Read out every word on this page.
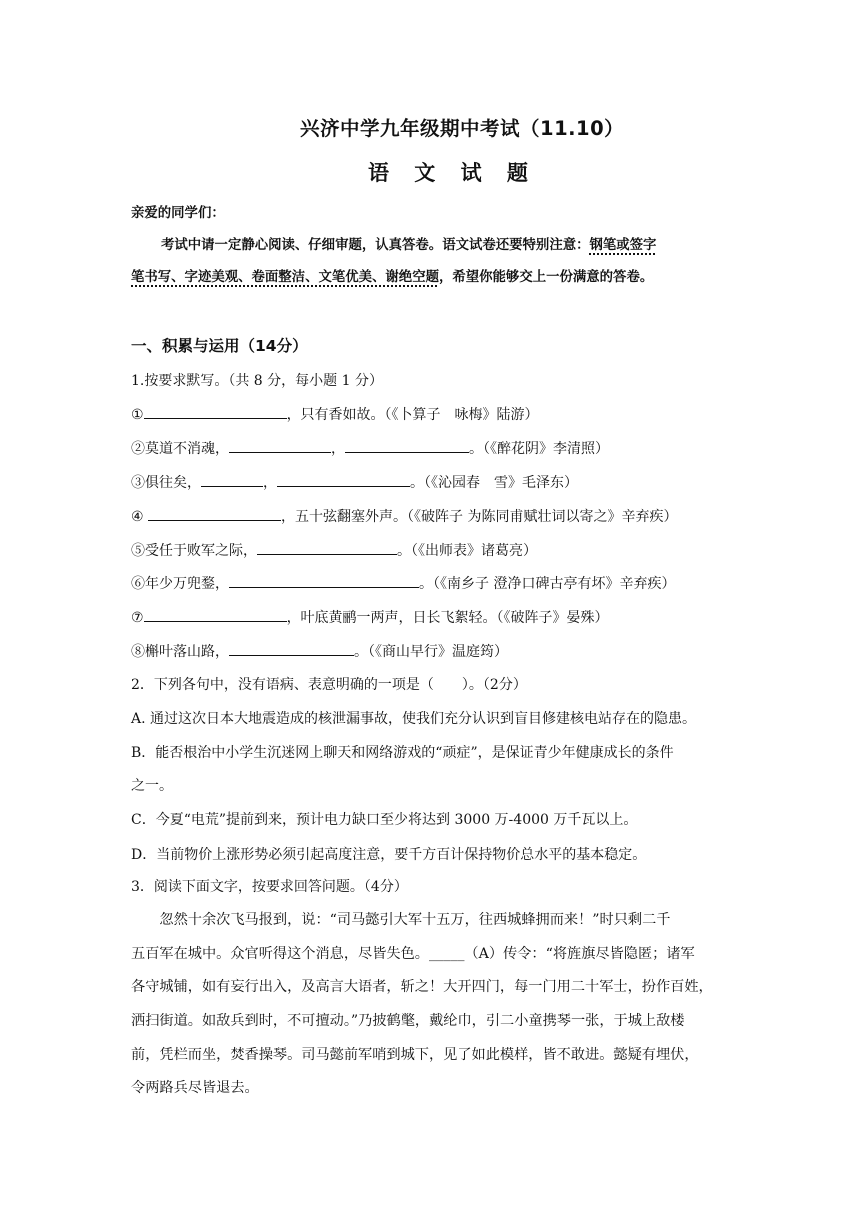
兴济中学九年级期中考试（11.10）
语 文 试 题
亲爱的同学们：
考试中请一定静心阅读、仔细审题，认真答卷。语文试卷还要特别注意：钢笔或签字
笔书写、字迹美观、卷面整洁、文笔优美、谢绝空题，希望你能够交上一份满意的答卷。
一、积累与运用（14分）
1.按要求默写。（共 8 分，每小题 1 分）
①	，只有香如故。（《卜算子　咏梅》陆游）
②莫道不消魂，	，	。（《醉花阴》李清照）
③俱往矣，	，	。（《沁园春　雪》毛泽东）
④	，五十弦翻塞外声。（《破阵子 为陈同甫赋壮词以寄之》辛弃疾）
⑤受任于败军之际，	。（《出师表》诸葛亮）
⑥年少万兜鍪，	。（《南乡子 澄净口碑古亭有坏》辛弃疾）
⑦	，叶底黄鹂一两声，日长飞絮轻。（《破阵子》晏殊）
⑧槲叶落山路，	。（《商山早行》温庭筠）
2．下列各句中，没有语病、表意明确的一项是（　　）。（2分）
A. 通过这次日本大地震造成的核泄漏事故，使我们充分认识到盲目修建核电站存在的隐患。
B．能否根治中小学生沉迷网上聊天和网络游戏的“顽症”，是保证青少年健康成长的条件
之一。
C．今夏“电荒”提前到来，预计电力缺口至少将达到 3000 万-4000 万千瓦以上。
D．当前物价上涨形势必须引起高度注意，要千方百计保持物价总水平的基本稳定。
3．阅读下面文字，按要求回答问题。（4分）
　　忽然十余次飞马报到，说：“司马懿引大军十五万，往西城蜂拥而来！”时只剩二千
五百军在城中。众官听得这个消息，尽皆失色。_____（A）传令：“将旌旗尽皆隐匿；诸军
各守城铺，如有妄行出入，及高言大语者，斩之！大开四门，每一门用二十军士，扮作百姓，
洒扫街道。如敌兵到时，不可擅动。”乃披鹤氅，戴纶巾，引二小童携琴一张，于城上敌楼
前，凭栏而坐，焚香操琴。司马懿前军哨到城下，见了如此模样，皆不敢进。懿疑有埋伏，
令两路兵尽皆退去。
